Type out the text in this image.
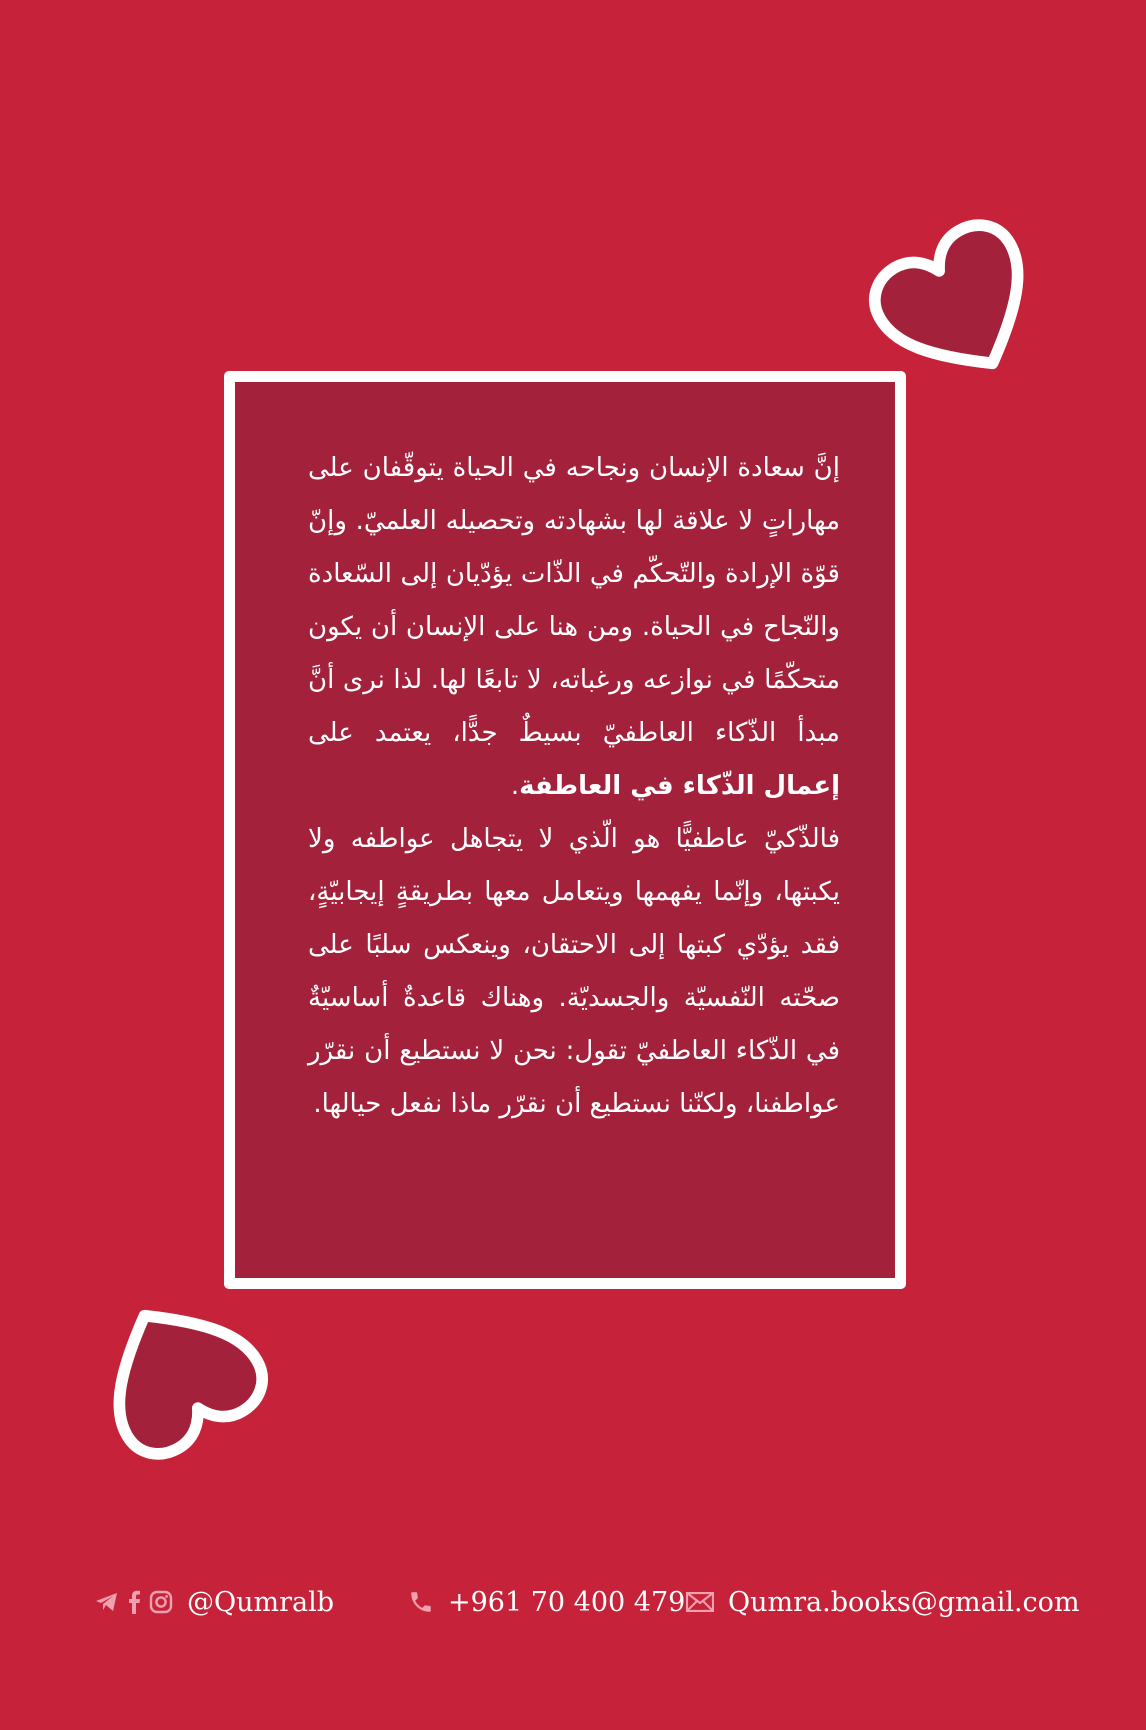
إنَّ سعادة الإنسان ونجاحه في الحياة يتوقّفان على مهاراتٍ لا علاقة لها بشهادته وتحصيله العلميّ. وإنّ قوّة الإرادة والتّحكّم في الذّات يؤدّيان إلى السّعادة والنّجاح في الحياة. ومن هنا على الإنسان أن يكون متحكّمًا في نوازعه ورغباته، لا تابعًا لها. لذا نرى أنَّ مبدأ الذّكاء العاطفيّ بسيطٌ جدًّا، يعتمد على إعمال الذّكاء في العاطفة.

فالذّكيّ عاطفيًّا هو الّذي لا يتجاهل عواطفه ولا يكبتها، وإنّما يفهمها ويتعامل معها بطريقةٍ إيجابيّةٍ، فقد يؤدّي كبتها إلى الاحتقان، وينعكس سلبًا على صحّته النّفسيّة والجسديّة. وهناك قاعدةٌ أساسيّةٌ في الذّكاء العاطفيّ تقول: نحن لا نستطيع أن نقرّر عواطفنا، ولكنّنا نستطيع أن نقرّر ماذا نفعل حيالها.

@Qumralb	+961 70 400 479 Qumra.books@gmail.com
